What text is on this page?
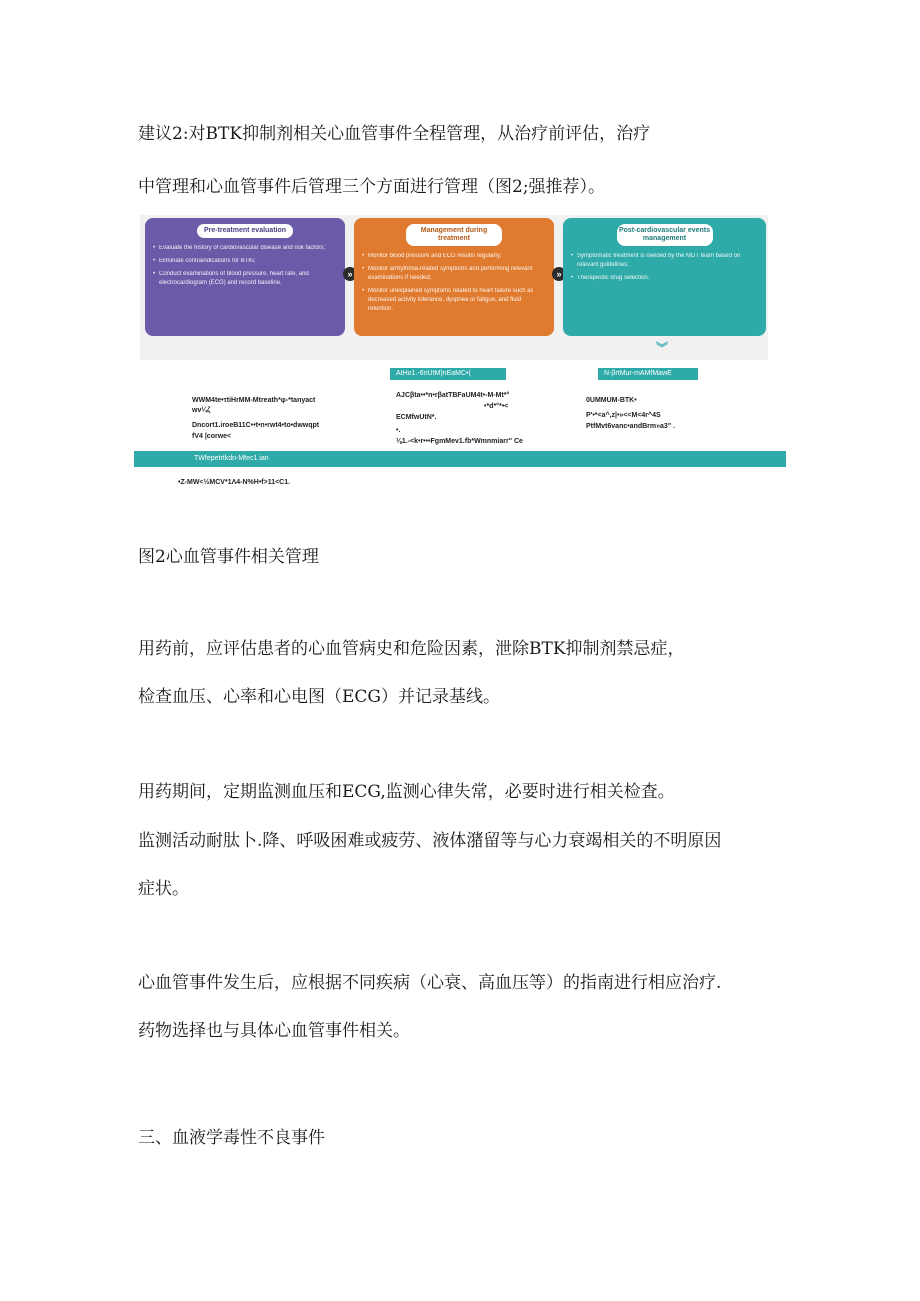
建议2:对BTK抑制剂相关心血管事件全程管理，从治疗前评估，治疗
中管理和心血管事件后管理三个方面进行管理（图2;强推荐）。
Pre-treatment evaluation
• Evaluate the history of cardiovascular disease and risk factors;
• Eliminate contraindications for BTKi;
• Conduct examinations of blood pressure, heart rate, and electrocardiogram (ECG) and record baseline.
»
Management during treatment
• Monitor blood pressure and ECG results regularly;
• Monitor arrhythmia-related symptoms and performing relevant examinations if needed;
• Monitor unexplained symptoms related to heart failure such as decreased activity tolerance, dyspnea or fatigue, and fluid retention.
»
Post-cardiovascular events management
• Symptomatic treatment is needed by the MDT team based on relevant guidelines;
• Therapeutic drug selection.
︾
AtHo1.-6riUtM)nEaMC•(	N-βrtMur-mAMfMawE
WWM4te•τtiHrMM-Mtreath*φ-*tanyact
wv¼ζ
Dncort1.iroeB11C••t•n•rwt4•to•dwwqpt
fV4 |corwe<
AJCβta••*n•rβatTBFaUM4t•-M-Mt*°
•*d*°*•<
ECMfwUtN*.
•.
⅛1.-<k•r•••FgmMev1.fb*Wmnmiarr" Ce
0UMMUM-BTK•
P'•*<a^,z|•»<<M<4r^4S
PtfMvt6vanc•andBrm»a3" .
TWfepetrtkdn-Mfec1.ian
•Z-MW<½MCV*1Λ4-N%H•f>11<C1.
图2心血管事件相关管理
用药前，应评估患者的心血管病史和危险因素，泄除BTK抑制剂禁忌症，
检查血压、心率和心电图（ECG）并记录基线。
用药期间，定期监测血压和ECG,监测心律失常，必要时进行相关检査。
监测活动耐肽卜.降、呼吸困难或疲劳、液体潴留等与心力衰竭相关的不明原因
症状。
心血管事件发生后，应根据不同疾病（心衰、高血压等）的指南进行相应治疗.
药物选择也与具体心血管事件相关。
三、血液学毒性不良事件
